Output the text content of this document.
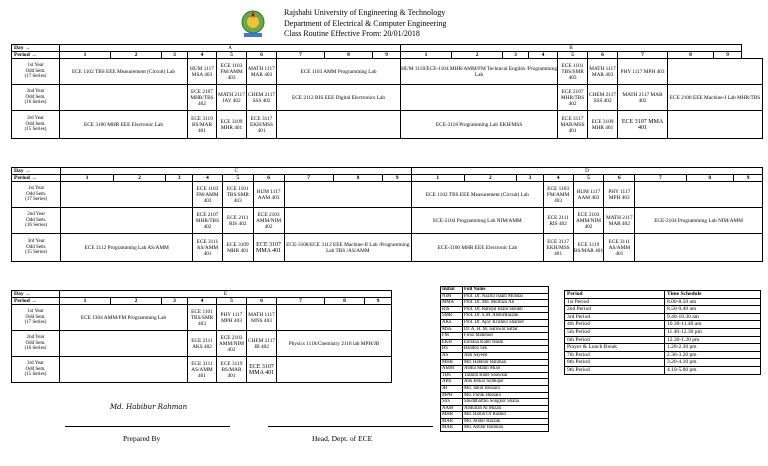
Rajshahi University of Engineering & Technology
Department of Electrical & Computer Engineering
Class Routine Effective From: 20/01/2018
Day →	A									B								
Period →	1	2	3	4	5	6	7	8	9	1	2	3	4	5	6	7	8	9

1st Year
Odd Sem.
(17 Series)	ECE 1102 TBS EEE Measurement (Circuit) Lab			HUM 1117 MSA 403	ECE 1103 FM/AMM 403	MATH 1117 MAR 403	ECE 1103 AMM Programming Lab			HUM 1118/ECE-1104 MHR/AMM/FM Technical English /Programming Lab				ECE 1101 TBS/SMR 403	MATH 1117 MAR 403	PHY 1117 MPH 403		

2nd Year
Odd Sem.
(16 Series)				ECE 2107 MHR/TBS 402	MATH 2117 JAY 402	CHEM 2117 SSS 402	ECE 2112 RIS EEE Digital Electronics Lab							ECE 2107 MHR/TBS 402	CHEM 2117 SSS 402	MATH 2117 MAR 402	ECE 2108 EEE Machine-I Lab MHR/TBS	

3rd Year
Odd Sem.
(15 Series)	ECE 3100 MHR EEE Electronic Lab			ECE 3119 BS/MAR 401	ECE 3109 MHR 401	ECE 3117 EKH/MSS 401				ECE-3118 Programming Lab EKH/MSS				ECE 3117 MAR/MSS 401	ECE 3109 MHR 401	ECE 3107 MMA 401		
Day →	C									D								
Period →	1	2	3	4	5	6	7	8	9	1	2	3	4	5	6	7	8	9

1st Year
Odd Sem.
(17 Series)				ECE 1103 FM/AMM 403	ECE 1101 TBS/SMR 403	HUM 1117 AAM 403				ECE 1102 TBS EEE Measurement (Circuit) Lab			ECE 1103 FM/AMM 403	HUM 1117 AAM 403	PHY 1117 MPH 403			

2nd Year
Odd Sem.
(16 Series)				ECE 2107 MHR/TBS 402	ECE 2111 RIS 402	ECE 2103 AMM/NIM 402				ECE-2104 Programming Lab NIM/AMM			ECE 2111 RIS 402	ECE 2103 AMM/NIM 402	MATH 2117 MAR 402	ECE-2104 Programming Lab NIM/AMM		

3rd Year
Odd Sem.
(15 Series)	ECE 3112 Programming Lab AS/AMM			ECE 3111 AS/AMM 401	ECE 3109 MHR 401	ECE 3107 MMA 401	ECE-3108/ECE 3112 EEE Machine-II Lab /Programming Lab TBS /AS/AMM			ECE-3100 MHR EEE Electronic Lab			ECE 3117 EKH/MSS 401	ECE 3119 BS/MAR 401	ECE 3111 AS/AMM 401			
Day →	E								
Period →	1	2	3	4	5	6	7	8	9

1st Year
Odd Sem.
(17 Series)	ECE 1304 AMM/FM Programming Lab			ECE 1101 TBS/SMR 403	PHY 1117 MPH 403	MATH 1117 MNS 403			

2nd Year
Odd Sem.
(16 Series)				ECE 2111 AKS 402	ECE 2103 AMM/NIM 402	CHEM 2117 JB 402	Physics 1118/Chemistry 2118 lab MPH/JB		

3rd Year
Odd Sem.
(15 Series)				ECE 3111 AS/AMM 401	ECE 3119 BS/MAR 401	ECE 3107 MMA 401			
Initial	Full Name
NIM	Prof. Dr. Nazrul Islam Mondal
MMA	Prof. Dr. Md. Mortuza Ali
RIS	Prof. Dr. Rafiqul Islam Sheikh
SMR	Prof. Dr. S.M. AbdurRazzak
AKS	Prof. Dr. Ajoy Krishno Sharker
MSS	Dr. A. H. M. Sarowar Sattar
FM	Firoz Mahmud
EKH	Emrana Kabir Hashi
BS	Bandon Sen
AS	Abu Sayeed
MHR	Md. Habibur Rahman
AMM	Abdul Matin Miah
TBS	Tasnim Binte Shawkat
ABS	Abu Bokar Siddique
JH	Md. Jahid Hossain
MPH	Md. Paruk Hossain
SSS	Shuddhartho Songkor Shaha
AAM	Abdullah Al Mizan
MHR	Md. Harun Or Rashid
MAR	Md. Abdur Razzak
MAR	Md. Ashfar Rahman
Period	Time Schedule
1st Period	8.00-8.50 am
2nd Period	8.50-9.40 am
3rd Period	9.40-10.30 am
4th Period	10.30-11.40 am
5th Period	11.40-12.30 pm
6th Period	12.30-1.20 pm
Prayer & Lunch Break	1.20-2.30 pm
7th Period	2.30-3.20 pm
8th Period	3.20-4.10 pm
9th Period	4.10-5.00 pm
Md. Habibur Rahman
Prepared By	Head, Dept. of ECE
